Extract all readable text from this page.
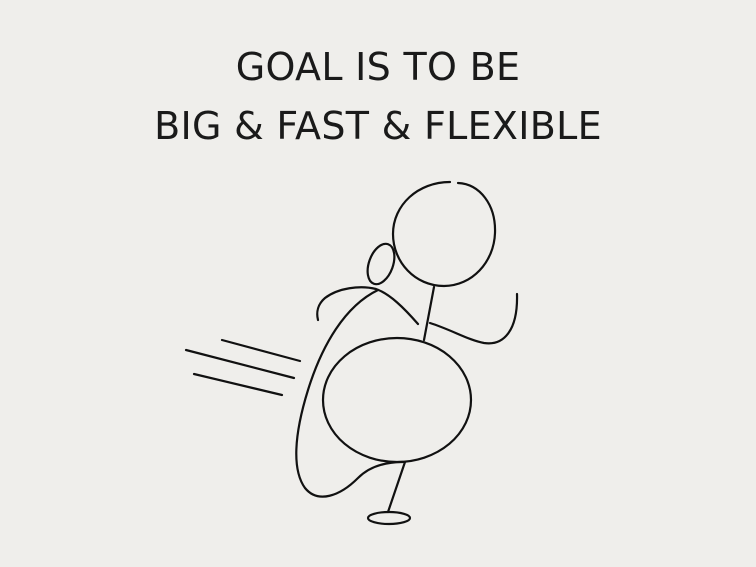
GOAL IS TO BE
BIG & FAST & FLEXIBLE
